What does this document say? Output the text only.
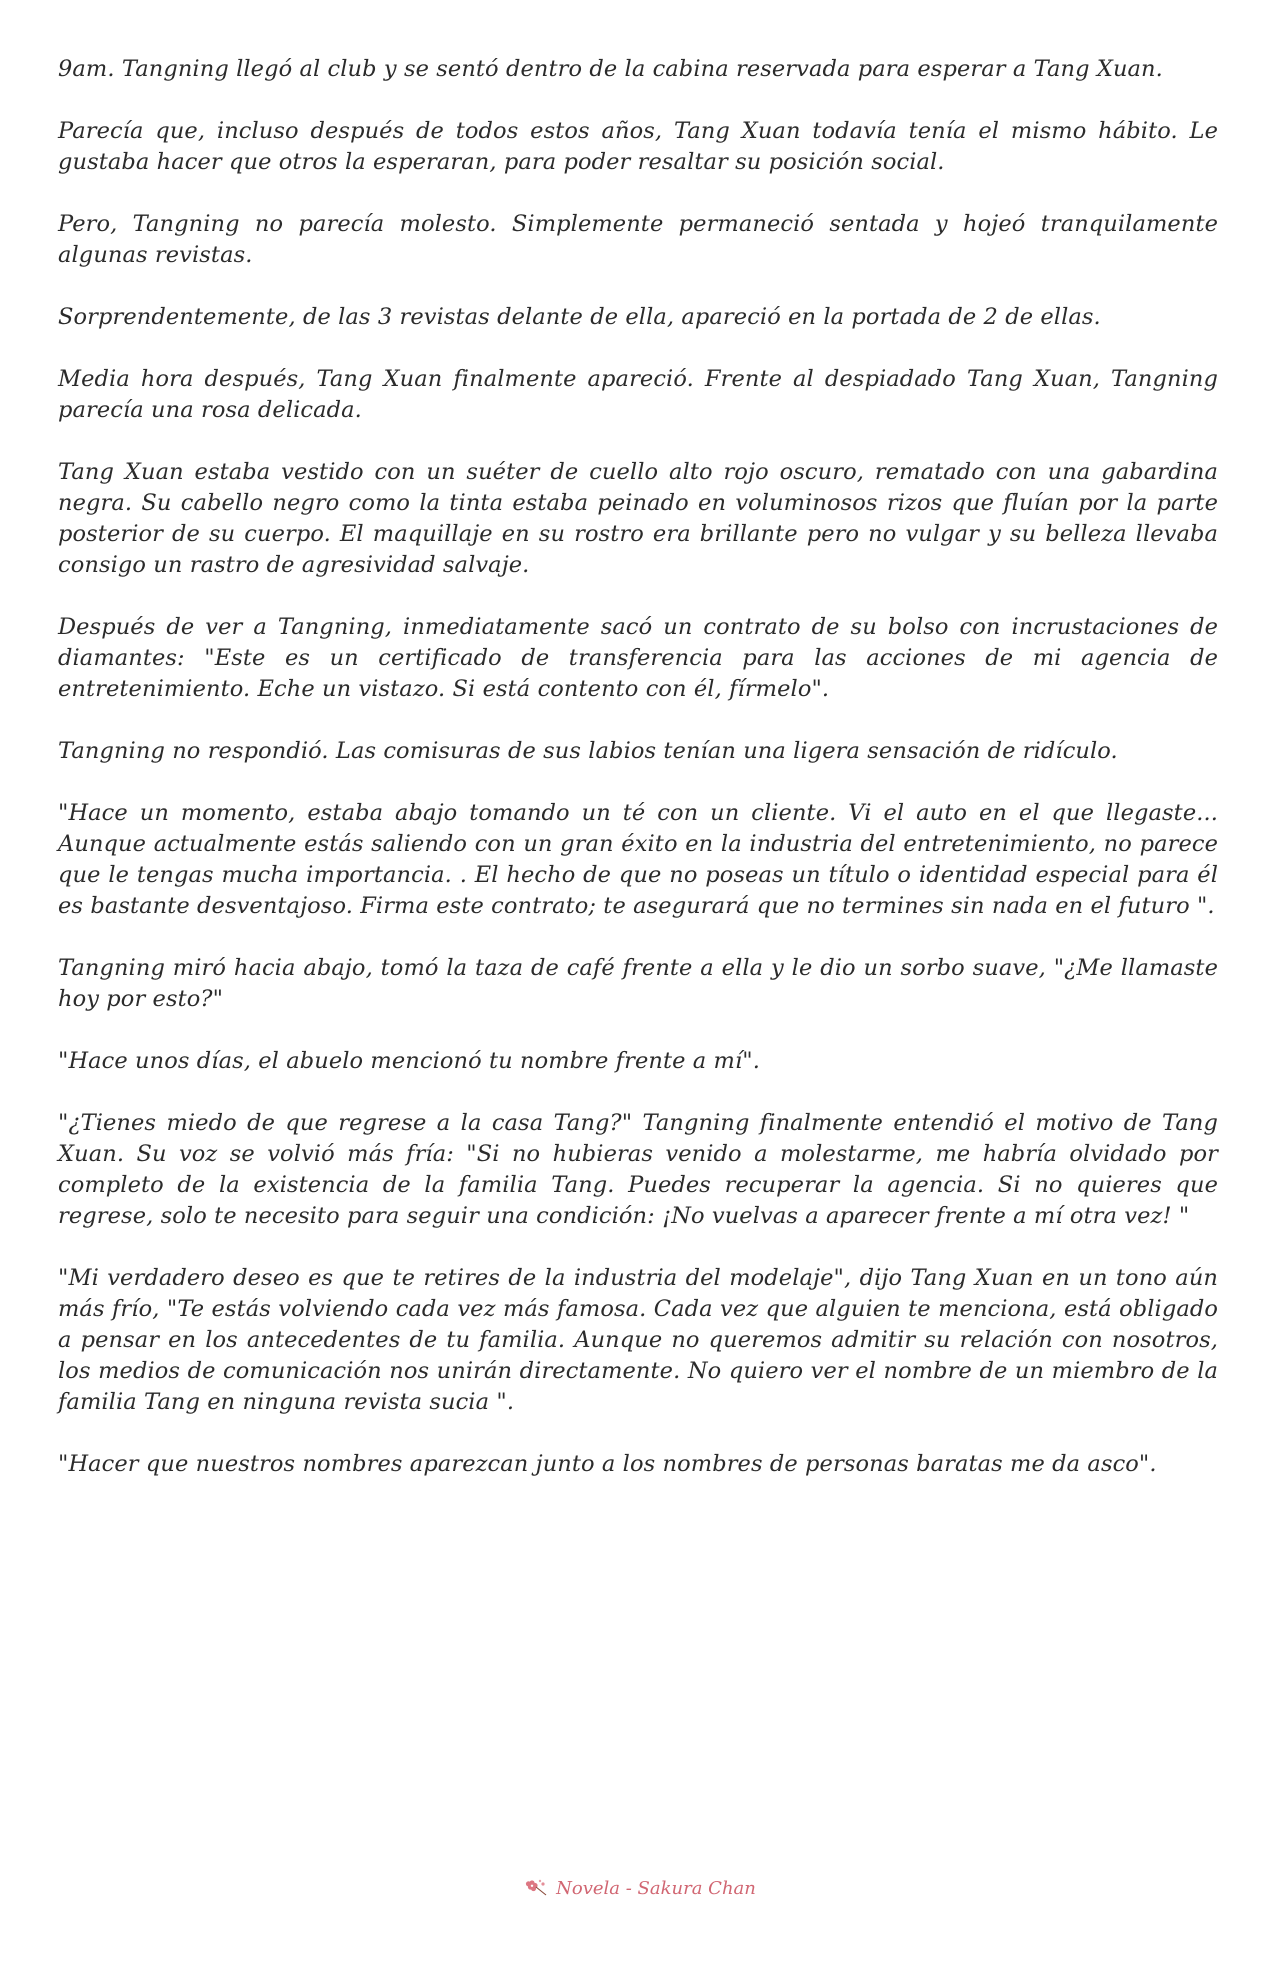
9am. Tangning llegó al club y se sentó dentro de la cabina reservada para esperar a Tang Xuan.

Parecía que, incluso después de todos estos años, Tang Xuan todavía tenía el mismo hábito. Le gustaba hacer que otros la esperaran, para poder resaltar su posición social.

Pero, Tangning no parecía molesto. Simplemente permaneció sentada y hojeó tranquilamente algunas revistas.

Sorprendentemente, de las 3 revistas delante de ella, apareció en la portada de 2 de ellas.

Media hora después, Tang Xuan finalmente apareció. Frente al despiadado Tang Xuan, Tangning parecía una rosa delicada.

Tang Xuan estaba vestido con un suéter de cuello alto rojo oscuro, rematado con una gabardina negra. Su cabello negro como la tinta estaba peinado en voluminosos rizos que fluían por la parte posterior de su cuerpo. El maquillaje en su rostro era brillante pero no vulgar y su belleza llevaba consigo un rastro de agresividad salvaje.

Después de ver a Tangning, inmediatamente sacó un contrato de su bolso con incrustaciones de diamantes: "Este es un certificado de transferencia para las acciones de mi agencia de entretenimiento. Eche un vistazo. Si está contento con él, fírmelo".

Tangning no respondió. Las comisuras de sus labios tenían una ligera sensación de ridículo.

"Hace un momento, estaba abajo tomando un té con un cliente. Vi el auto en el que llegaste... Aunque actualmente estás saliendo con un gran éxito en la industria del entretenimiento, no parece que le tengas mucha importancia. . El hecho de que no poseas un título o identidad especial para él es bastante desventajoso. Firma este contrato; te asegurará que no termines sin nada en el futuro ".

Tangning miró hacia abajo, tomó la taza de café frente a ella y le dio un sorbo suave, "¿Me llamaste hoy por esto?"

"Hace unos días, el abuelo mencionó tu nombre frente a mí".

"¿Tienes miedo de que regrese a la casa Tang?" Tangning finalmente entendió el motivo de Tang Xuan. Su voz se volvió más fría: "Si no hubieras venido a molestarme, me habría olvidado por completo de la existencia de la familia Tang. Puedes recuperar la agencia. Si no quieres que regrese, solo te necesito para seguir una condición: ¡No vuelvas a aparecer frente a mí otra vez! "

"Mi verdadero deseo es que te retires de la industria del modelaje", dijo Tang Xuan en un tono aún más frío, "Te estás volviendo cada vez más famosa. Cada vez que alguien te menciona, está obligado a pensar en los antecedentes de tu familia. Aunque no queremos admitir su relación con nosotros, los medios de comunicación nos unirán directamente. No quiero ver el nombre de un miembro de la familia Tang en ninguna revista sucia ".

"Hacer que nuestros nombres aparezcan junto a los nombres de personas baratas me da asco".

Novela - Sakura Chan
